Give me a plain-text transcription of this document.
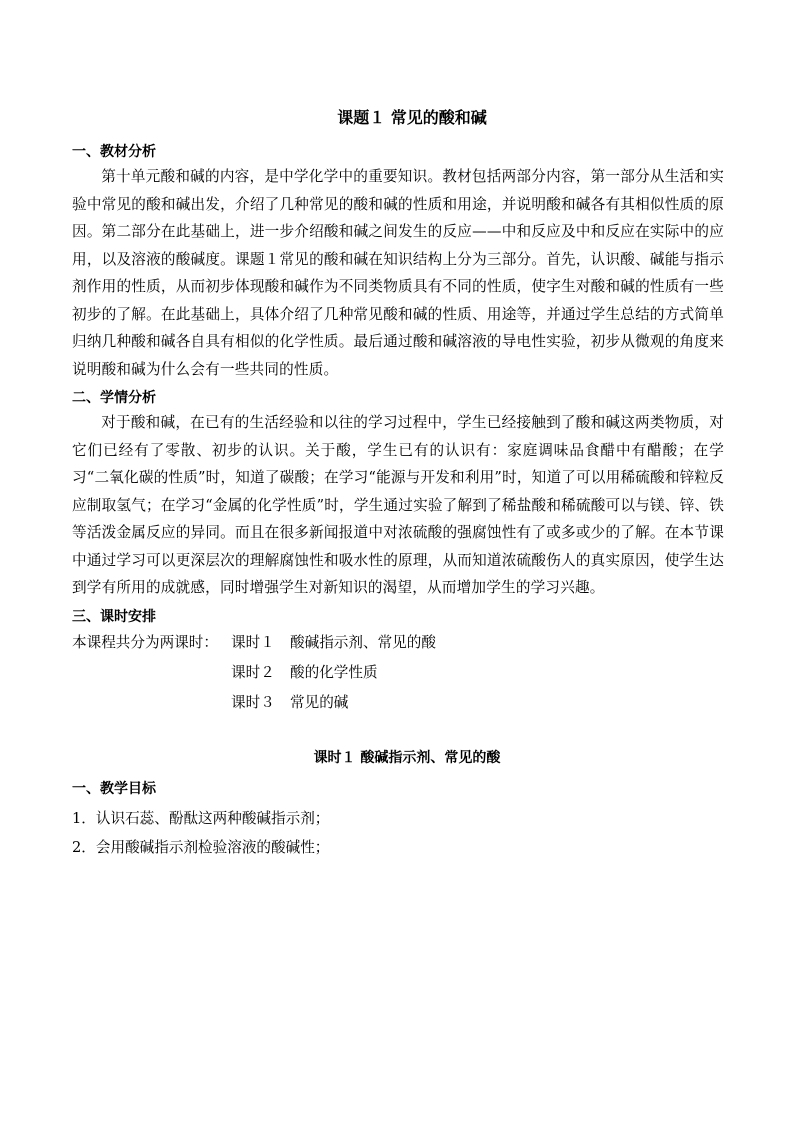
课题１ 常见的酸和碱
一、教材分析

第十单元酸和碱的内容，是中学化学中的重要知识。教材包括两部分内容，第一部分从生活和实验中常见的酸和碱出发，介绍了几种常见的酸和碱的性质和用途，并说明酸和碱各有其相似性质的原因。第二部分在此基础上，进一步介绍酸和碱之间发生的反应——中和反应及中和反应在实际中的应用，以及溶液的酸碱度。课题１常见的酸和碱在知识结构上分为三部分。首先，认识酸、碱能与指示剂作用的性质，从而初步体现酸和碱作为不同类物质具有不同的性质，使字生对酸和碱的性质有一些初步的了解。在此基础上，具体介绍了几种常见酸和碱的性质、用途等，并通过学生总结的方式简单归纳几种酸和碱各自具有相似的化学性质。最后通过酸和碱溶液的导电性实验，初步从微观的角度来说明酸和碱为什么会有一些共同的性质。

二、学情分析

对于酸和碱，在已有的生活经验和以往的学习过程中，学生已经接触到了酸和碱这两类物质，对它们已经有了零散、初步的认识。关于酸，学生已有的认识有：家庭调味品食醋中有醋酸；在学习“二氧化碳的性质”时，知道了碳酸；在学习“能源与开发和利用”时，知道了可以用稀硫酸和锌粒反应制取氢气；在学习“金属的化学性质”时，学生通过实验了解到了稀盐酸和稀硫酸可以与镁、锌、铁等活泼金属反应的异同。而且在很多新闻报道中对浓硫酸的强腐蚀性有了或多或少的了解。在本节课中通过学习可以更深层次的理解腐蚀性和吸水性的原理，从而知道浓硫酸伤人的真实原因，使学生达到学有所用的成就感，同时增强学生对新知识的渴望，从而增加学生的学习兴趣。

三、课时安排
本课程共分为两课时： 课时１	酸碱指示剂、常见的酸
课时２	酸的化学性质
课时３	常见的碱
课时１ 酸碱指示剂、常见的酸
一、教学目标

1．认识石蕊、酚酞这两种酸碱指示剂；

2．会用酸碱指示剂检验溶液的酸碱性；
